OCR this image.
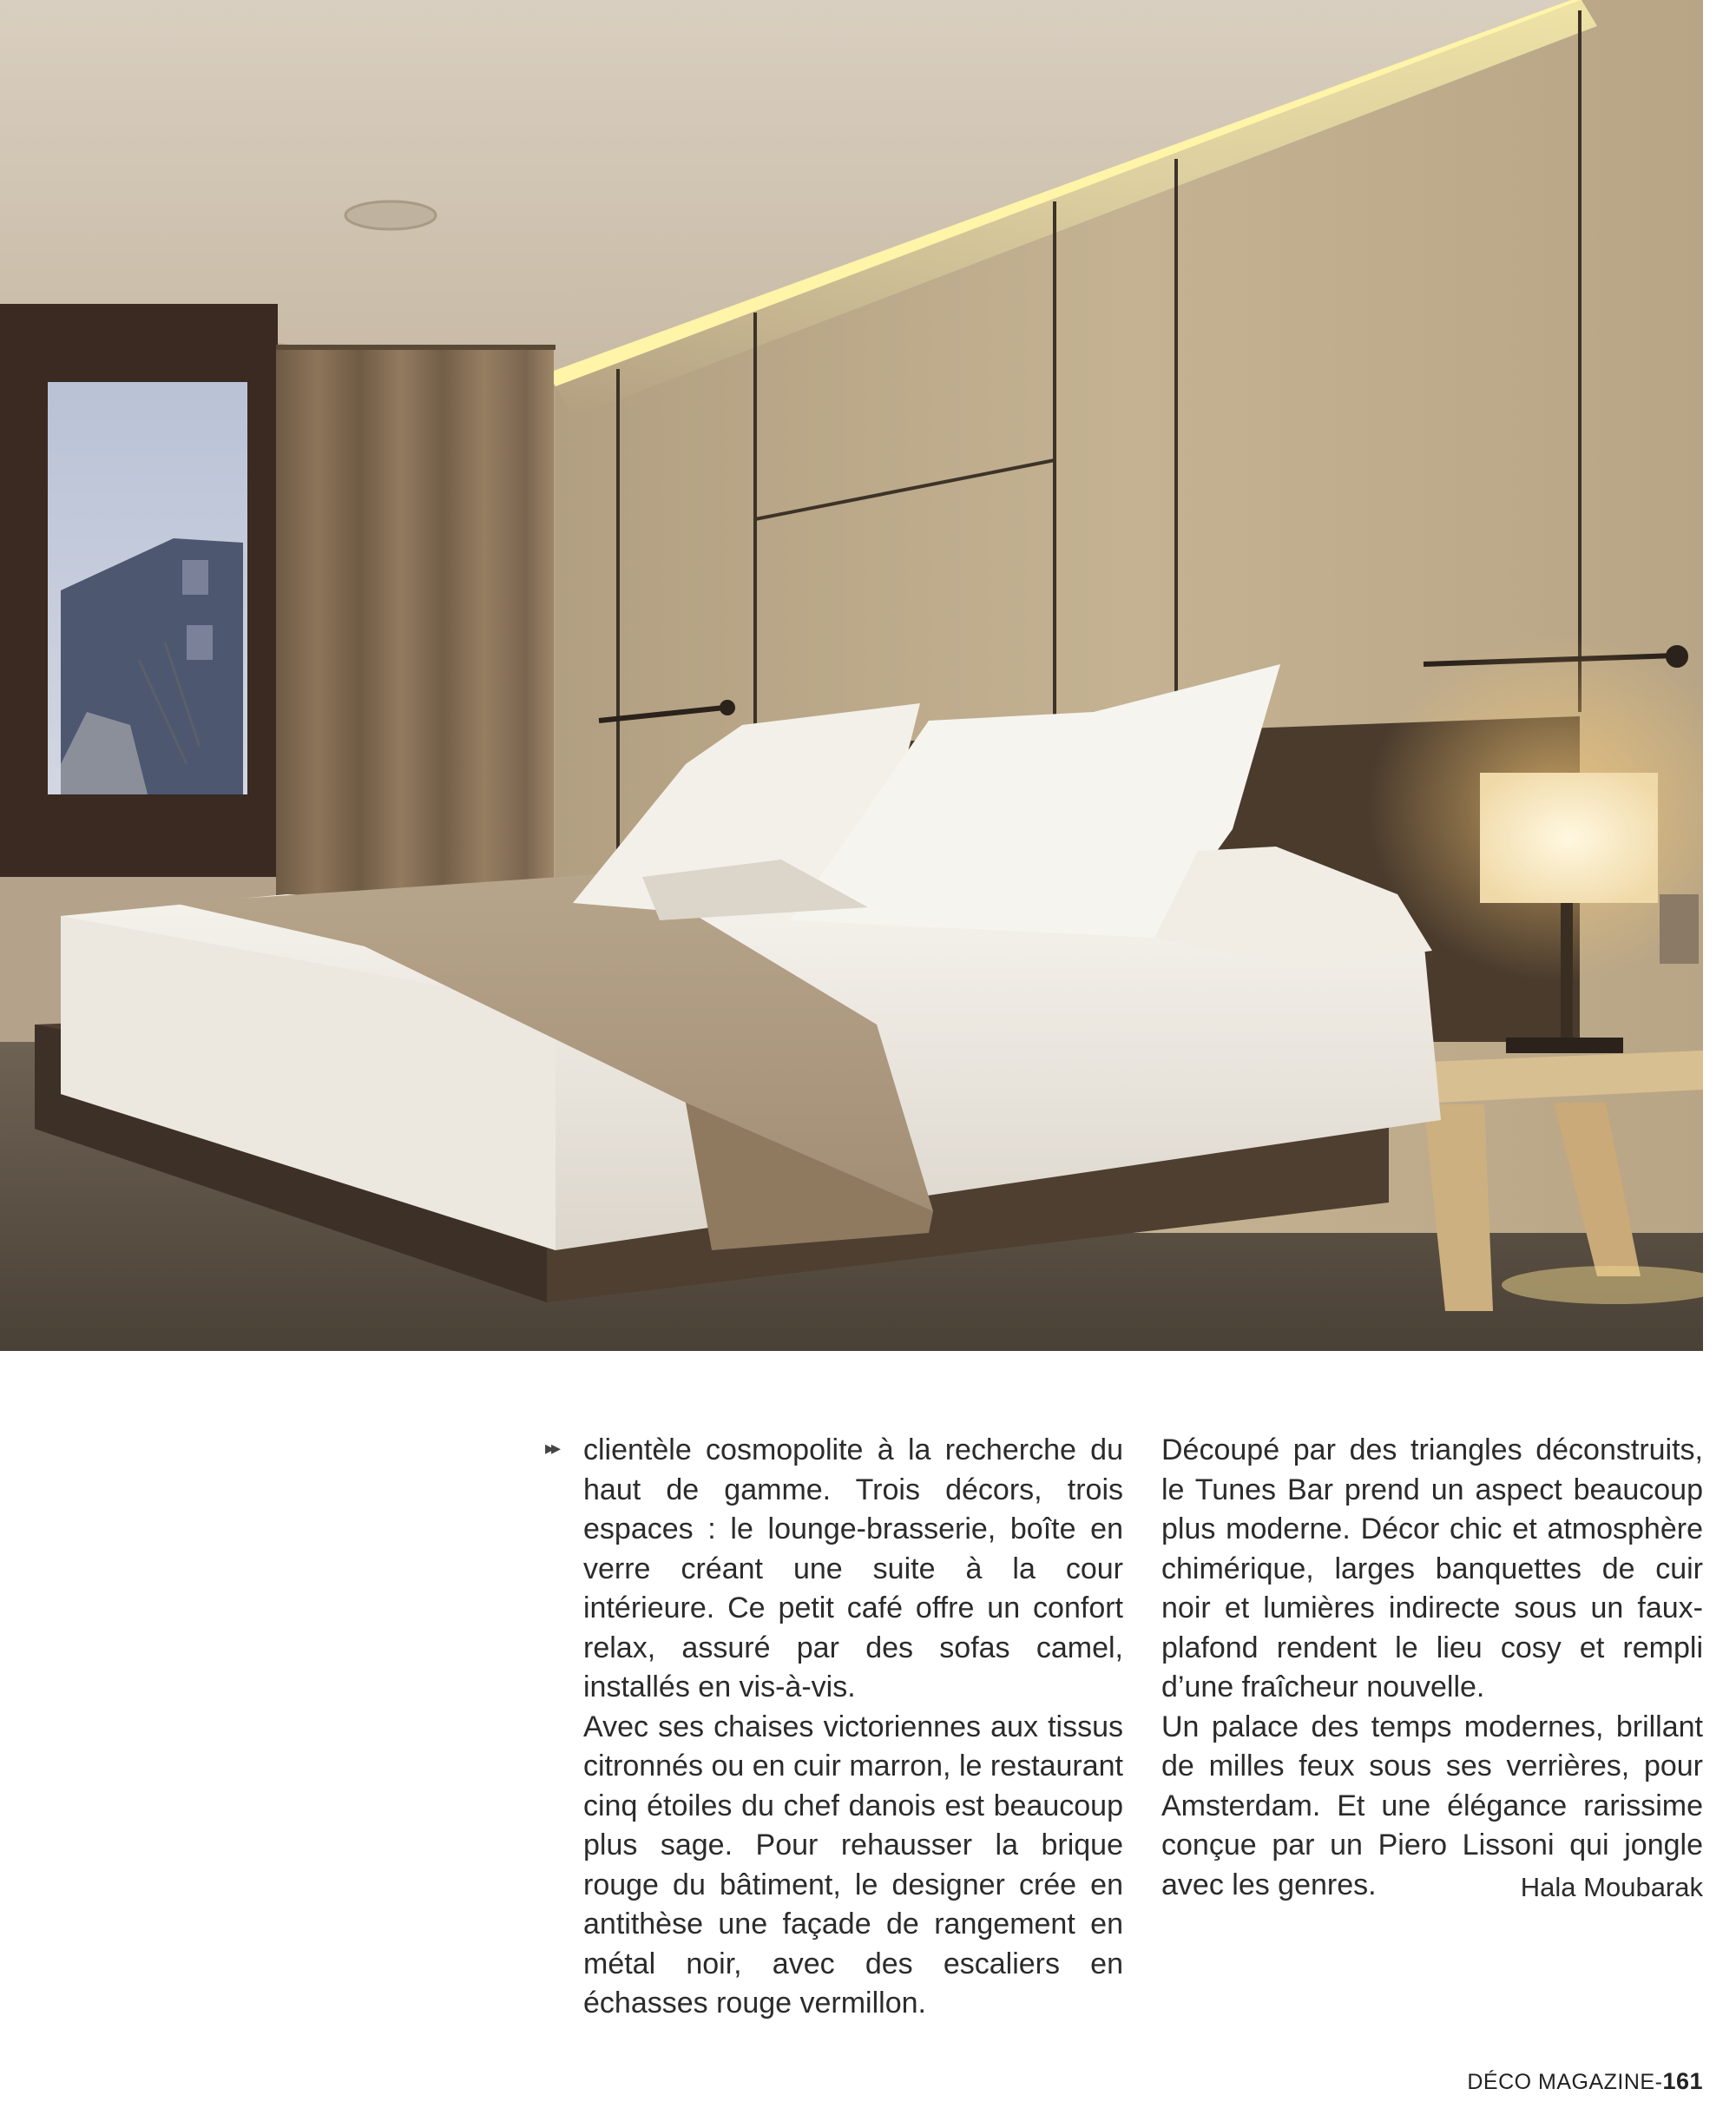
▸▸ clientèle cosmopolite à la recherche du haut de gamme. Trois décors, trois espaces : le lounge-brasserie, boîte en verre créant une suite à la cour intérieure. Ce petit café offre un confort relax, assuré par des sofas camel, installés en vis-à-vis.

Avec ses chaises victoriennes aux tissus citronnés ou en cuir marron, le restaurant cinq étoiles du chef danois est beaucoup plus sage. Pour rehausser la brique rouge du bâtiment, le designer crée en antithèse une façade de rangement en métal noir, avec des escaliers en échasses rouge vermillon.

Découpé par des triangles déconstruits, le Tunes Bar prend un aspect beaucoup plus moderne. Décor chic et atmosphère chimérique, larges banquettes de cuir noir et lumières indirecte sous un faux-plafond rendent le lieu cosy et rempli d’une fraîcheur nouvelle.

Un palace des temps modernes, brillant de milles feux sous ses verrières, pour Amsterdam. Et une élégance rarissime conçue par un Piero Lissoni qui jongle avec les genres.	Hala Moubarak
DÉCO MAGAZINE-161
